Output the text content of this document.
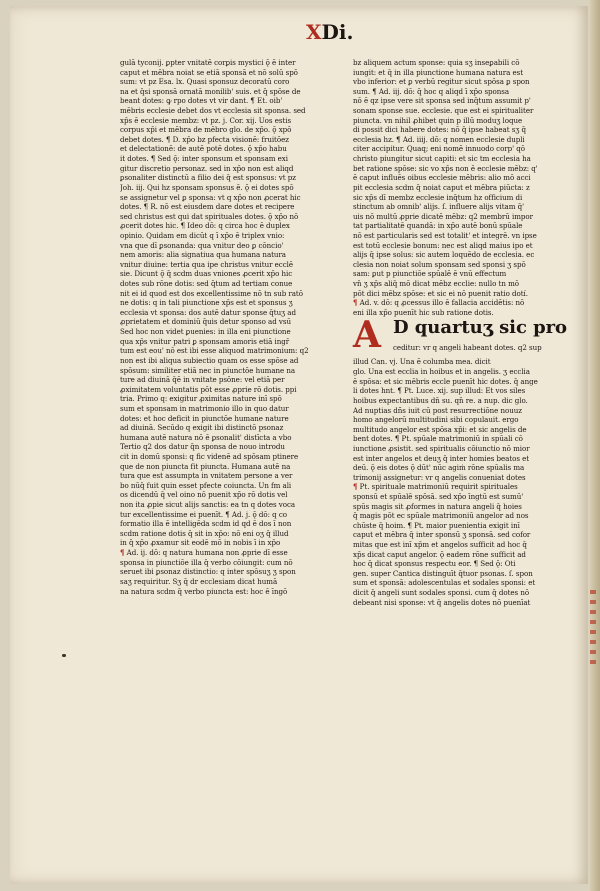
XDi.
gulā tyconij. ꝑpter vnitatē corꝑis mystici ǭ ē inter
caput et mēbra noiat se etiā sponsā et nō solū spō
sum: vt pz Esa. lx. Quasi sponsuz decoratū coro
na et q̄si sponsā ornatā monilib' suis. et q̄ spōse de
beant dotes: ꝙ rpo dotes vt vir dant. ¶ Et. oib'
mēbris ecclesie debet dos vt ecclesia sit sponsa. sed
xp̄s ē ecclesie membz: vt pz. j. Cor. xij. Uos estis
corpus xp̄i et mēbra de mēbro glo. de xp̄o. ǭ xpō
debet dotes. ¶ D. xp̄o bz pfecta visionē: fruitōez
et delectationē: de autē potē dotes. ǭ xp̄o habu
it dotes. ¶ Sed ǭ: inter sponsum et sponsam exi
gitur discretio personaz. sed in xp̄o non est aliqd
ꝑsonaliter distinctū a filio dei q̄ est sponsus: vt pz
Joh. iij. Qui hz sponsam sponsus ē. ǭ ei dotes spō
se assignetur vel ꝑ sponsa: vt q xp̄o non ꝓcerat hic
dotes. ¶ R. nō est eiusdem dare dotes et recipere
sed christus est qui dat spirituales dotes. ǭ xp̄o nō
ꝓcerit dotes hic. ¶ Ideo dō: q circa hoc ē duplex
opinio. Quidam em dicūt q ī xp̄o ē triplex vnio:
vna que dī ꝑsonanda: qua vnitur deo ꝑ cōncio'
nem amoris: alia signatiua qua humana natura
vnitur diuine: tertia qua ipe christus vnitur ecclē
sie. Dicunt ǭ q̄ scdm duas vniones ꝓcerit xp̄o hic
dotes sub rōne dotis: sed q̄tum ad tertiam conue
nit ei id quod est dos excellentissime nō tn sub ratō
ne dotis: q in tali piunctione xp̄s est et sponsus ʒ
ecclesia vt sponsa: dos autē datur sponse q̄tuʒ ad
ꝓprietatem et dominiū q̄uis detur sponso ad vsū
Sed hoc non videt ꝑuenies: in illa eni piunctione
qua xp̄s vnitur patri ꝑ sponsam amoris etiā ingr̄
tum est eou' nō est ibi esse aliquod matrimonium: q2
non est ibi aliqua subiectio quam os esse spōse ad
spōsum: similiter etiā nec in piunctōe humane na
ture ad diuinā q̄ē in vnitate psōne: vel etiā per
ꝓximitatem voluntatis pōt esse ꝓprie rō dotis. ppi
tria. Primo q: exigitur ꝓximitas nature inī spō
sum et sponsam in matrimonio illo in quo datur
dotes: et hoc deficit in piunctōe humane nature
ad diuinā. Secūdo q exigit ibi distinctō psonaz
humana autē natura nō ē ꝑsonalit' distīcta a vbo
Tertio q2 dos datur q̄n sponsa de nouo introdu
cit in domū sponsi: q fic videnē ad spōsam ptinere
que de non piuncta fit piuncta. Humana autē na
tura que est assumpta in vnitatem persone a ver
bo nūq̄ fuit quin esset pfecte coiuncta. Un fm ali
os dicendū q̄ vel oino nō puenit xp̄o rō dotis vel
non ita ꝓpie sicut alijs sanctis: ea tn q dotes voca
tur excellentissime ei puenīt. ¶ Ad. j. ǭ dō: q co
formatio illa ē intelligēda scdm id qd ē dos ī non
scdm ratione dotis q̄ sit in xp̄o: nō eni oʒ q̄ illud
in q̄ xp̄o ꝓxamur sit eodē mō in nobis ī in xp̄o
¶ Ad. ij. dō: q natura humana non ꝓprie dī esse
sponsa in piunctiōe illa q̄ verbo cōiungit: cum nō
seruet ibi ꝑsonaz distinctio: q inter spōsuʒ ʒ spon
saʒ requiritur. Sʒ q̄ dr ecclesiam dicat humā
na natura scdm q̄ verbo piuncta est: hoc ē īngō
bz aliquem actum sponse: quia sʒ inseꝑabili cō
iungit: et q̄ in illa piunctione humana natura est
vbo inferior: et ꝑ verbū regitur sicut spōsa ꝑ spon
sum. ¶ Ad. iij. dō: q̄ hoc q aliqd ī xp̄o sponsa
nō ē qz ipse vere sit sponsa sed inq̄tum assumit p'
sonam sponse sue. ecclesie. que est ei spiritualiter
piuncta. vn nihil ꝓhibet quin p illū moduʒ loque
di possit dici habere dotes: nō q̄ ipse habeat sʒ q̄
ecclesia hz. ¶ Ad. iiij. dō: q nomen ecclesie dupli
citer accipitur. Quaq; eni nomē innuodo corp' qō
christo piungitur sicut capiti: et sic tm ecclesia ha
bet ratione spōse: sic vo xp̄s non ē ecclesie mēbz: q'
ē caput influēs oibus ecclesie mēbris: alio mō acci
pit ecclesia scdm q̄ noiat caput et mēbra piūcta: z
sic xp̄s dī membz ecclesie inq̄tum hz officium di
stinctum ab omnib' alijs. ſ. influere alijs vitam q̄'
uis nō multū ꝓprie dicatē mēbz: q2 membrū impor
tat partialitatē quandā: in xp̄o autē bonū spūale
nō est particularis sed est totalit' et integrē. vn ipse
est totū ecclesie bonum: nec est aliqd maius ipo et
alijs q̄ ipse solus: sic autem loquēdo de ecclesia. ec
clesia non noiat solum sponsam sed sponsi ʒ spō
sam: ꝑut p piunctiōe spūalē ē vnū effectum
vn̄ ʒ xp̄s aliq̄ mō dicat mēbz ecclie: nullo tn mō
pōt dici mēbz spōse: et sic ei nō puenit ratio dotí.
¶ Ad. v. dō: q ꝓcessus illo ē fallacia accidētis: nō
eni illa xp̄o puenīt hic sub ratione dotis.
A D quartuʒ sic pro
ceditur: vr q angeli habeant dotes. q2 sup
illud Can. vj. Una ē columba mea. dicit
glo. Una est ecclia in hoibus et in angelis. ʒ ecclia
ē spōsa: et sic mēbris eccle puenīt hic dotes. q̄ ange
li dotes hnt. ¶ Pt. Luce. xij. sup illud: Et vos siles
hoibus expectantibus dn̄ su. qn̄ re. a nup. dic glo.
Ad nuptias dñs iuit cū post resurrectiōne nouuz
homo angelorū multitudini sibi copulauit. ergo
multitudo angelor est spōsa xp̄i: et sic angelis de
bent dotes. ¶ Pt. spūale matrimoniū in spūali cō
iunctione ꝓsistit. sed spiritualis cōiunctio nō mior
est inter angelos et deuʒ q̄ inter homies beatos et
deū. ǭ eis dotes ǭ dūt' nūc agiṁ rōne spūalis ma
trimonij assignetur: vr q angelis conueniat dotes
¶ Pt. spirituale matrimoniū requirit spirituales
sponsū et spūalē spōsā. sed xp̄o īngtū est sumū'
spūs magis sit ꝓformes in natura angeli q̄ hoies
q̄ magis pōt ec spūale matrimoniū angelor ad nos
chūste q̄ hoim. ¶ Pt. maior puenientia exigit inī
caput et mēbra q̄ inter sponsū ʒ sponsā. sed cofor
mitas que est inī xp̄m et angelos sufficit ad hoc q̄
xp̄s dicat caput angelor. ǭ eadem rōne sufficit ad
hoc q̄ dicat sponsus respectu eor. ¶ Sed ǭ: Oti
gen. super Cantica distinguīt q̄tuor psonas. ſ. spon
sum et sponsā: adolescentulas et sodales sponsi: et
dicit q̄ angeli sunt sodales sponsi. cum q̄ dotes nō
debeant nisi sponse: vt q̄ angelis dotes nō puenīat
